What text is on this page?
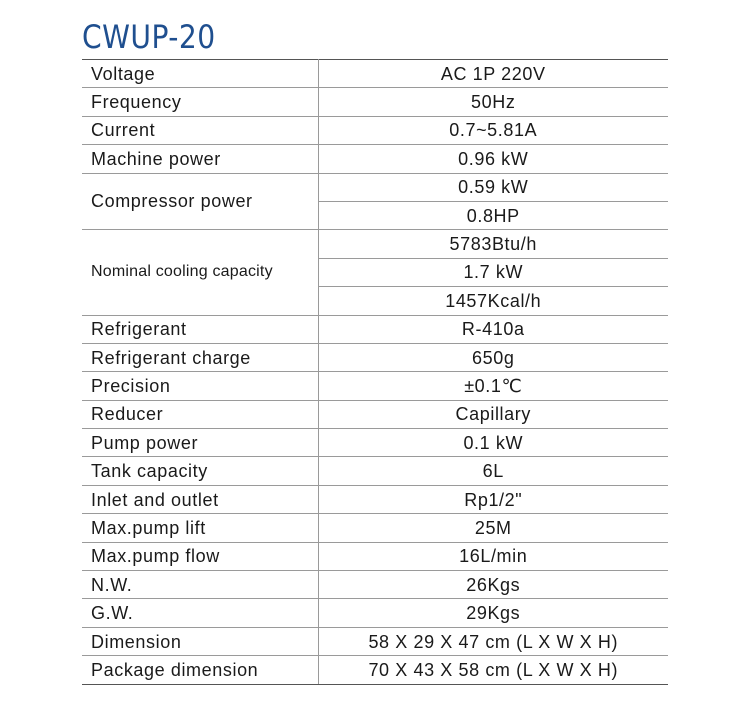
CWUP-20
Voltage	AC 1P 220V
Frequency	50Hz
Current	0.7~5.81A
Machine power	0.96 kW
Compressor power	0.59 kW
	0.8HP
Nominal cooling capacity	5783Btu/h
	1.7 kW
	1457Kcal/h
Refrigerant	R-410a
Refrigerant charge	650g
Precision	±0.1℃
Reducer	Capillary
Pump power	0.1 kW
Tank capacity	6L
Inlet and outlet	Rp1/2"
Max.pump lift	25M
Max.pump flow	16L/min
N.W.	26Kgs
G.W.	29Kgs
Dimension	58 X 29 X 47 cm (L X W X H)
Package dimension	70 X 43 X 58 cm (L X W X H)
